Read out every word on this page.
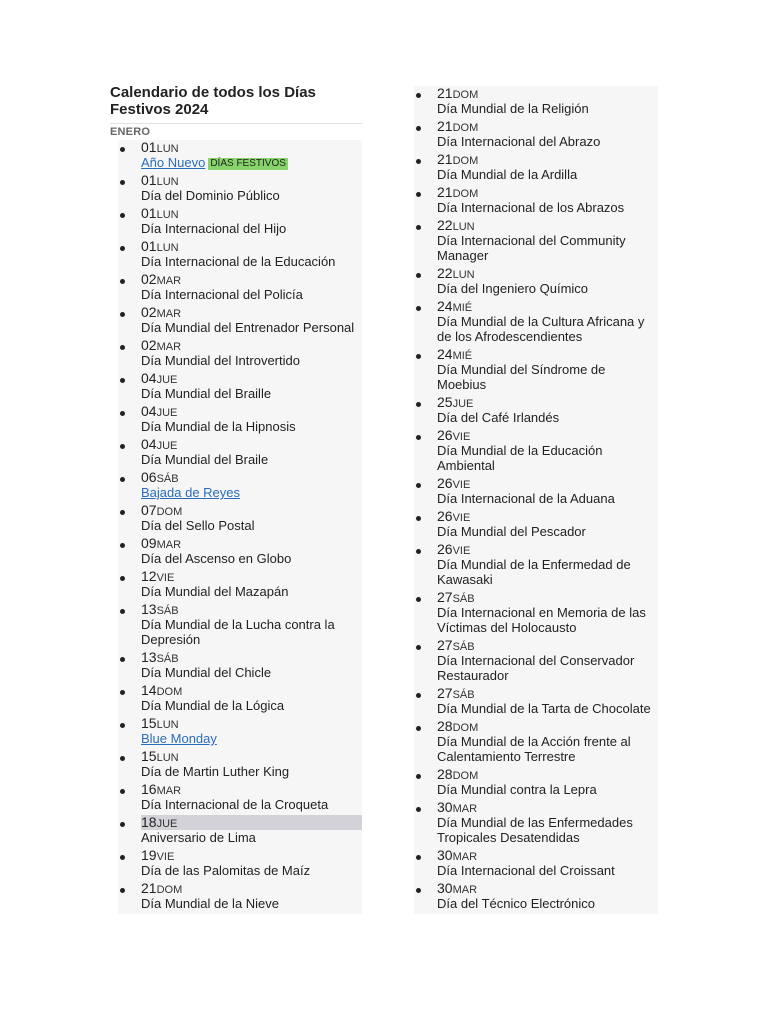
Calendario de todos los Días Festivos 2024
ENERO
01LUN
Año Nuevo DÍAS FESTIVOS
01LUN
Día del Dominio Público
01LUN
Día Internacional del Hijo
01LUN
Día Internacional de la Educación
02MAR
Día Internacional del Policía
02MAR
Día Mundial del Entrenador Personal
02MAR
Día Mundial del Introvertido
04JUE
Día Mundial del Braille
04JUE
Día Mundial de la Hipnosis
04JUE
Día Mundial del Braile
06SÁB
Bajada de Reyes
07DOM
Día del Sello Postal
09MAR
Día del Ascenso en Globo
12VIE
Día Mundial del Mazapán
13SÁB
Día Mundial de la Lucha contra la Depresión
13SÁB
Día Mundial del Chicle
14DOM
Día Mundial de la Lógica
15LUN
Blue Monday
15LUN
Día de Martin Luther King
16MAR
Día Internacional de la Croqueta
18JUE
Aniversario de Lima
19VIE
Día de las Palomitas de Maíz
21DOM
Día Mundial de la Nieve
21DOM
Día Mundial de la Religión
21DOM
Día Internacional del Abrazo
21DOM
Día Mundial de la Ardilla
21DOM
Día Internacional de los Abrazos
22LUN
Día Internacional del Community Manager
22LUN
Día del Ingeniero Químico
24MIÉ
Día Mundial de la Cultura Africana y de los Afrodescendientes
24MIÉ
Día Mundial del Síndrome de Moebius
25JUE
Día del Café Irlandés
26VIE
Día Mundial de la Educación Ambiental
26VIE
Día Internacional de la Aduana
26VIE
Día Mundial del Pescador
26VIE
Día Mundial de la Enfermedad de Kawasaki
27SÁB
Día Internacional en Memoria de las Víctimas del Holocausto
27SÁB
Día Internacional del Conservador Restaurador
27SÁB
Día Mundial de la Tarta de Chocolate
28DOM
Día Mundial de la Acción frente al Calentamiento Terrestre
28DOM
Día Mundial contra la Lepra
30MAR
Día Mundial de las Enfermedades Tropicales Desatendidas
30MAR
Día Internacional del Croissant
30MAR
Día del Técnico Electrónico
